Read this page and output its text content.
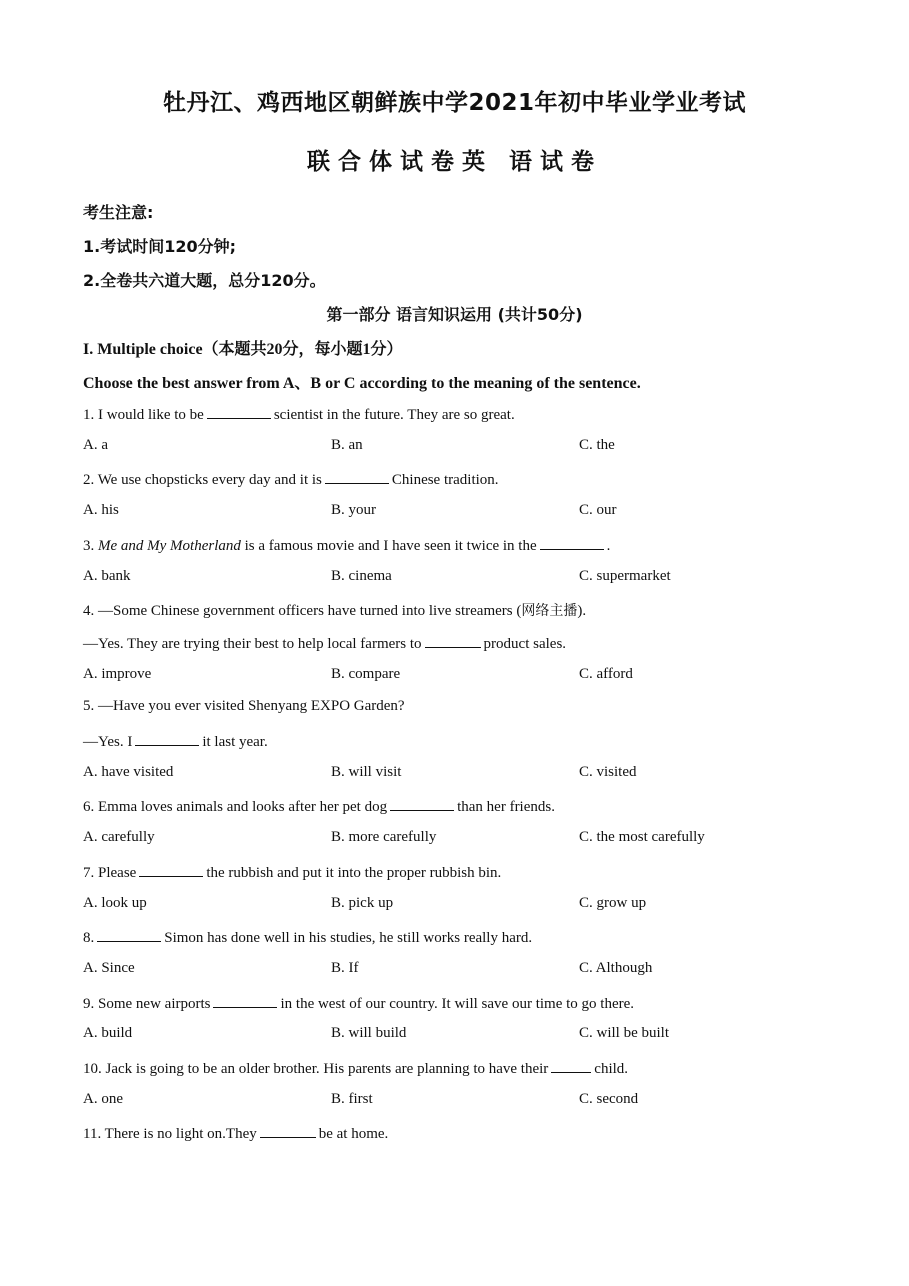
牡丹江、鸡西地区朝鲜族中学2021年初中毕业学业考试
联合体试卷英 语试卷
考生注意:
1.考试时间120分钟;
2.全卷共六道大题，总分120分。
第一部分 语言知识运用 (共计50分)
I. Multiple choice（本题共20分，每小题1分）
Choose the best answer from A、B or C according to the meaning of the sentence.
1. I would like to be	scientist in the future. They are so great.
A. a	B. an	C. the
2. We use chopsticks every day and it is	Chinese tradition.
A. his	B. your	C. our
3. Me and My Motherland is a famous movie and I have seen it twice in the	.
A. bank	B. cinema	C. supermarket
4. —Some Chinese government officers have turned into live streamers (网络主播).
—Yes. They are trying their best to help local farmers to	product sales.
A. improve	B. compare	C. afford
5. —Have you ever visited Shenyang EXPO Garden?
—Yes. I	it last year.
A. have visited	B. will visit	C. visited
6. Emma loves animals and looks after her pet dog	than her friends.
A. carefully	B. more carefully	C. the most carefully
7. Please	the rubbish and put it into the proper rubbish bin.
A. look up	B. pick up	C. grow up
8.	Simon has done well in his studies, he still works really hard.
A. Since	B. If	C. Although
9. Some new airports	in the west of our country. It will save our time to go there.
A. build	B. will build	C. will be built
10. Jack is going to be an older brother. His parents are planning to have their	child.
A. one	B. first	C. second
11. There is no light on.They	be at home.
